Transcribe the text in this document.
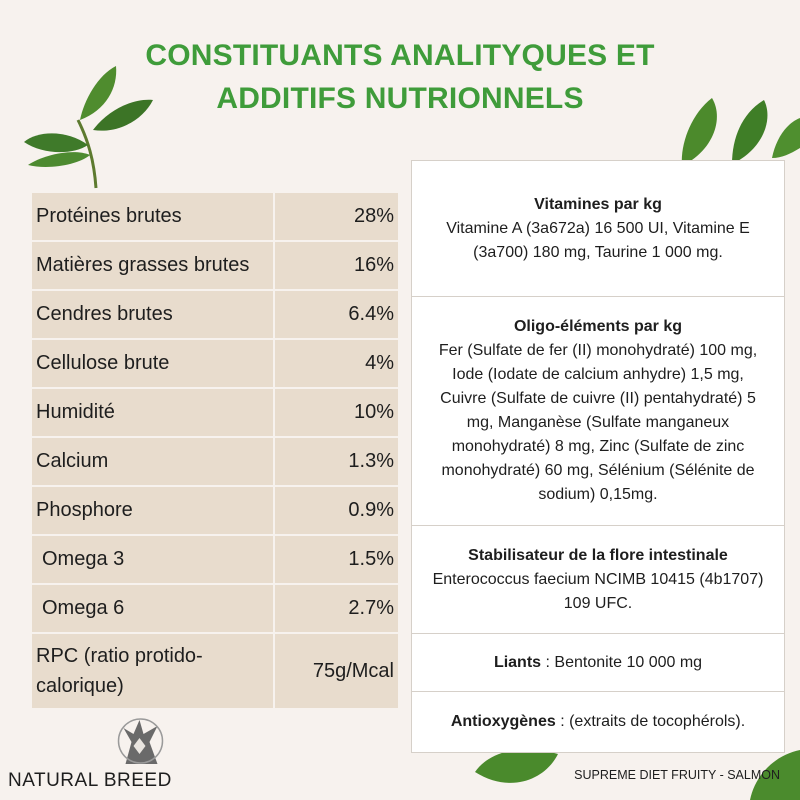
CONSTITUANTS ANALITYQUES ET
ADDITIFS NUTRIONNELS
Protéines brutes	28%
Matières grasses brutes	16%
Cendres brutes	6.4%
Cellulose brute	4%
Humidité	10%
Calcium	1.3%
Phosphore	0.9%
Omega 3	1.5%
Omega 6	2.7%
RPC (ratio protido-calorique)	75g/Mcal
Vitamines par kg
Vitamine A (3a672a) 16 500 UI, Vitamine E (3a700) 180 mg, Taurine 1 000 mg.
Oligo-éléments par kg
Fer (Sulfate de fer (II) monohydraté) 100 mg, Iode (Iodate de calcium anhydre) 1,5 mg, Cuivre (Sulfate de cuivre (II) pentahydraté) 5 mg, Manganèse (Sulfate manganeux monohydraté) 8 mg, Zinc (Sulfate de zinc monohydraté) 60 mg, Sélénium (Sélénite de sodium) 0,15mg.
Stabilisateur de la flore intestinale
Enterococcus faecium NCIMB 10415 (4b1707) 109 UFC.
Liants : Bentonite 10 000 mg
Antioxygènes : (extraits de tocophérols).
NATURAL BREED	SUPREME DIET FRUITY - SALMON
